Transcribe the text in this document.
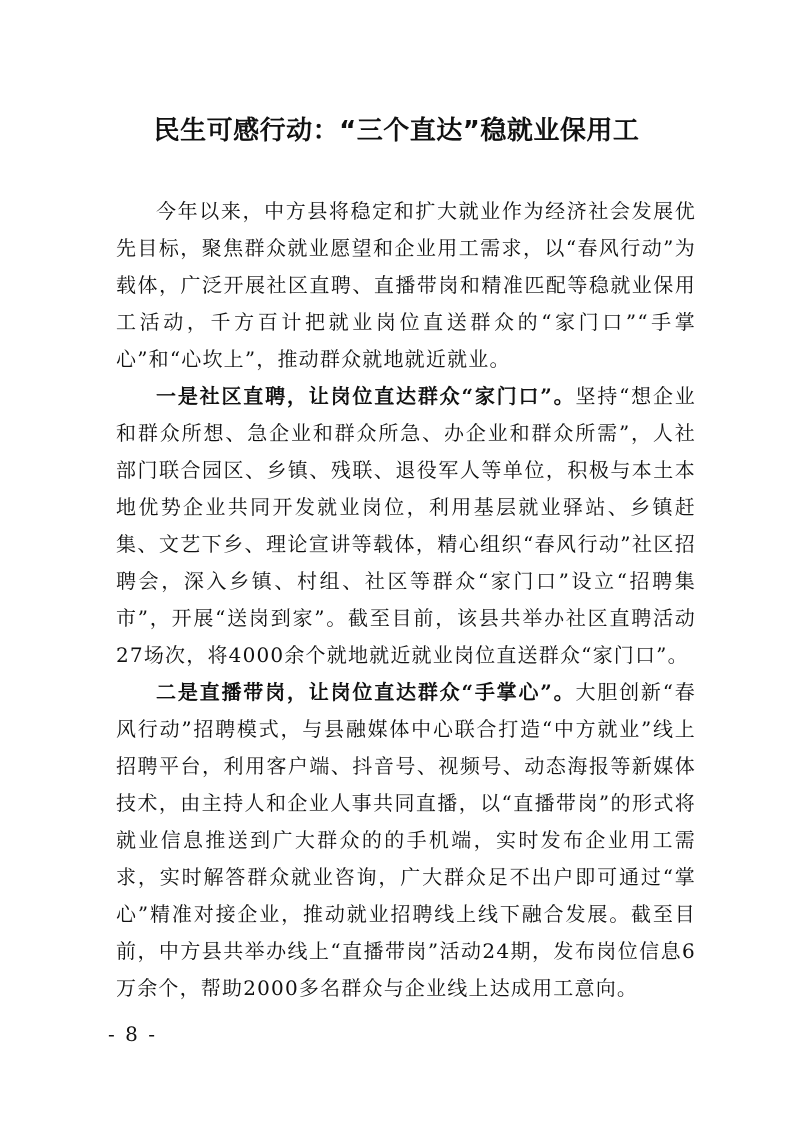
民生可感行动：“三个直达”稳就业保用工

今年以来，中方县将稳定和扩大就业作为经济社会发展优先目标，聚焦群众就业愿望和企业用工需求，以“春风行动”为载体，广泛开展社区直聘、直播带岗和精准匹配等稳就业保用工活动，千方百计把就业岗位直送群众的“家门口”“手掌心”和“心坎上”，推动群众就地就近就业。

一是社区直聘，让岗位直达群众“家门口”。坚持“想企业和群众所想、急企业和群众所急、办企业和群众所需”，人社部门联合园区、乡镇、残联、退役军人等单位，积极与本土本地优势企业共同开发就业岗位，利用基层就业驿站、乡镇赶集、文艺下乡、理论宣讲等载体，精心组织“春风行动”社区招聘会，深入乡镇、村组、社区等群众“家门口”设立“招聘集市”，开展“送岗到家”。截至目前，该县共举办社区直聘活动27场次，将4000余个就地就近就业岗位直送群众“家门口”。

二是直播带岗，让岗位直达群众“手掌心”。大胆创新“春风行动”招聘模式，与县融媒体中心联合打造“中方就业”线上招聘平台，利用客户端、抖音号、视频号、动态海报等新媒体技术，由主持人和企业人事共同直播，以“直播带岗”的形式将就业信息推送到广大群众的的手机端，实时发布企业用工需求，实时解答群众就业咨询，广大群众足不出户即可通过“掌心”精准对接企业，推动就业招聘线上线下融合发展。截至目前，中方县共举办线上“直播带岗”活动24期，发布岗位信息6万余个，帮助2000多名群众与企业线上达成用工意向。

- 8 -
